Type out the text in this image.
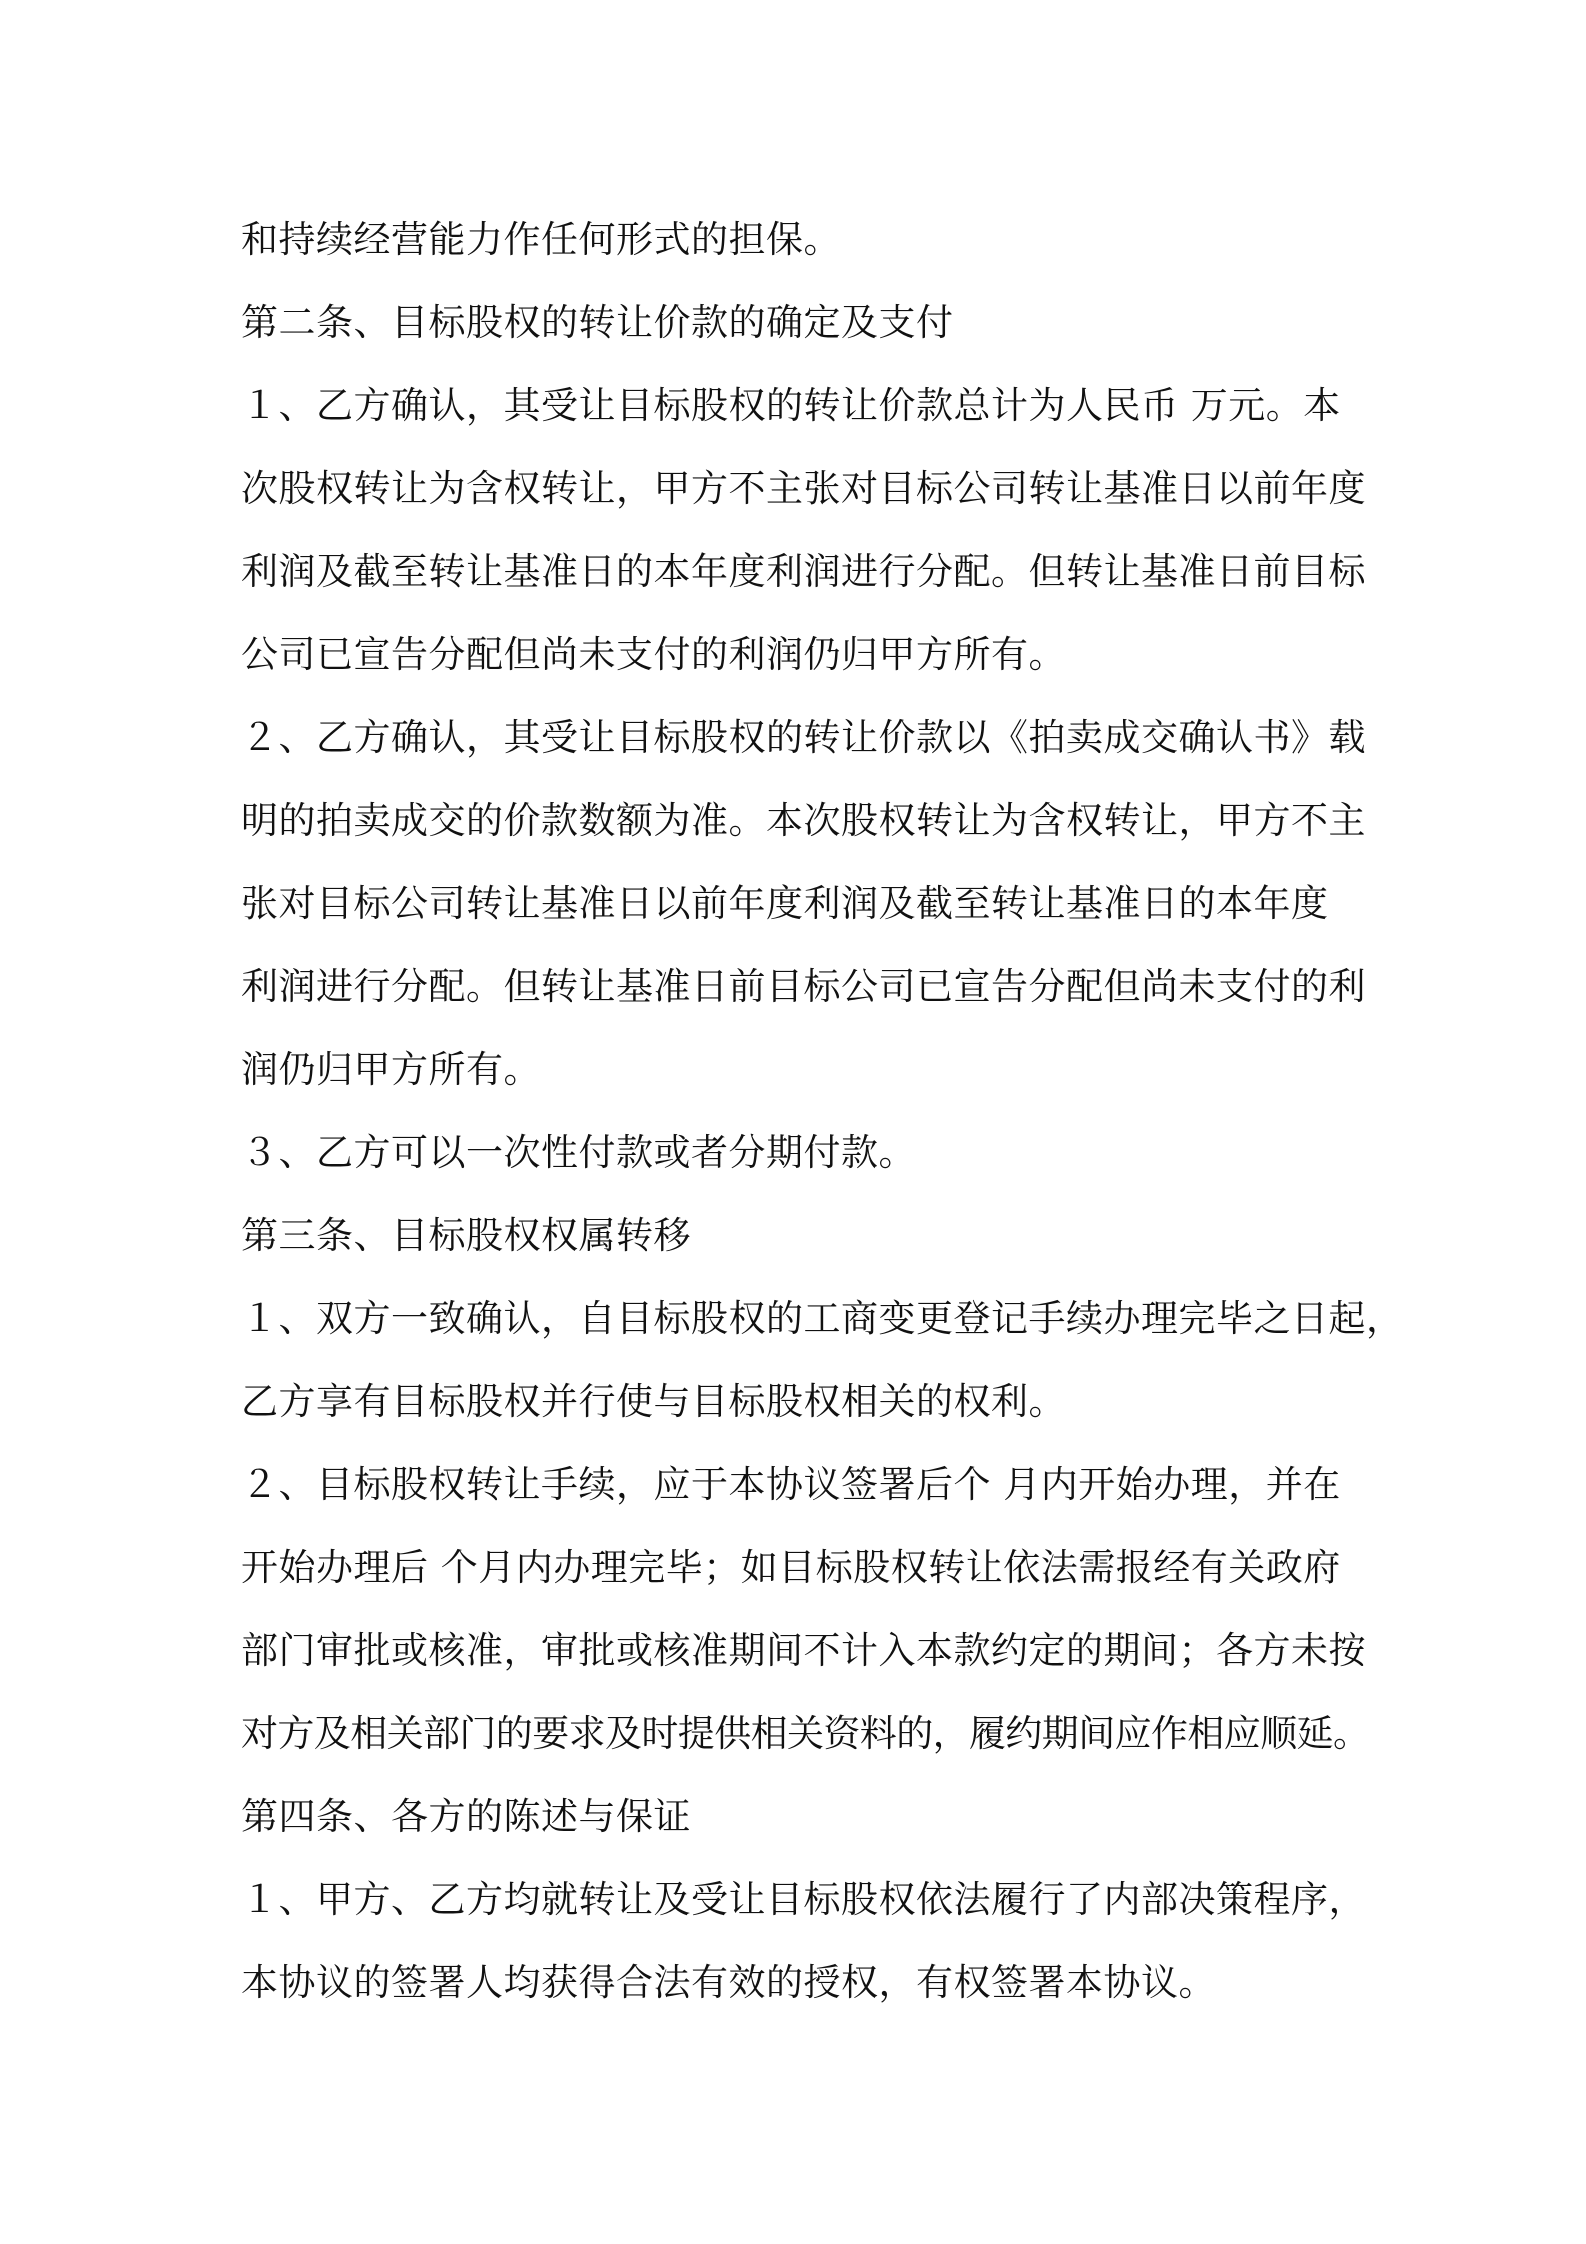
和持续经营能力作任何形式的担保。
第二条、目标股权的转让价款的确定及支付
１、乙方确认，其受让目标股权的转让价款总计为人民币 万元。本
次股权转让为含权转让，甲方不主张对目标公司转让基准日以前年度
利润及截至转让基准日的本年度利润进行分配。但转让基准日前目标
公司已宣告分配但尚未支付的利润仍归甲方所有。
２、乙方确认，其受让目标股权的转让价款以《拍卖成交确认书》载
明的拍卖成交的价款数额为准。本次股权转让为含权转让，甲方不主
张对目标公司转让基准日以前年度利润及截至转让基准日的本年度
利润进行分配。但转让基准日前目标公司已宣告分配但尚未支付的利
润仍归甲方所有。
３、乙方可以一次性付款或者分期付款。
第三条、目标股权权属转移
１、双方一致确认，自目标股权的工商变更登记手续办理完毕之日起，
乙方享有目标股权并行使与目标股权相关的权利。
２、目标股权转让手续，应于本协议签署后个 月内开始办理，并在
开始办理后 个月内办理完毕；如目标股权转让依法需报经有关政府
部门审批或核准，审批或核准期间不计入本款约定的期间；各方未按
对方及相关部门的要求及时提供相关资料的，履约期间应作相应顺延。
第四条、各方的陈述与保证
１、甲方、乙方均就转让及受让目标股权依法履行了内部决策程序，
本协议的签署人均获得合法有效的授权，有权签署本协议。
